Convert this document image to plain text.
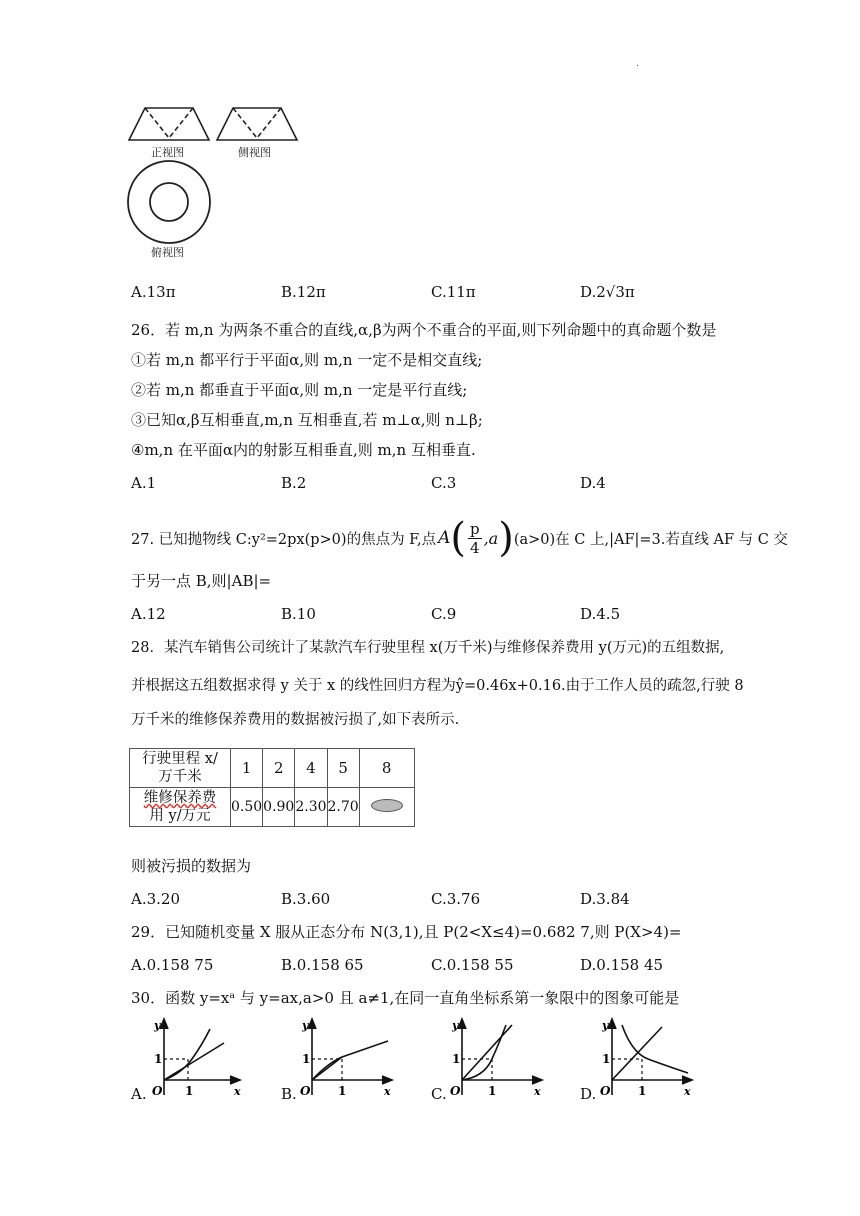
.
正视图	侧视图
俯视图
A.13π	B.12π	C.11π	D.2√3π
26．若 m,n 为两条不重合的直线,α,β为两个不重合的平面,则下列命题中的真命题个数是
①若 m,n 都平行于平面α,则 m,n 一定不是相交直线;
②若 m,n 都垂直于平面α,则 m,n 一定是平行直线;
③已知α,β互相垂直,m,n 互相垂直,若 m⊥α,则 n⊥β;
④m,n 在平面α内的射影互相垂直,则 m,n 互相垂直.
A.1	B.2	C.3	D.4
27. 已知抛物线 C:y²=2px(p>0)的焦点为 F,点 A ( $\frac{p}{4} ,a$ ) (a>0)在 C 上,|AF|=3.若直线 AF 与 C 交
于另一点 B,则|AB|=
A.12	B.10	C.9	D.4.5
28．某汽车销售公司统计了某款汽车行驶里程 x(万千米)与维修保养费用 y(万元)的五组数据,
并根据这五组数据求得 y 关于 x 的线性回归方程为ŷ=0.46x+0.16.由于工作人员的疏忽,行驶 8
万千米的维修保养费用的数据被污损了,如下表所示.
行驶里程 x/
万千米	1	2	4	5	8

维修保养费
用 y/万元	0.50	0.90	2.30	2.70	
则被污损的数据为
A.3.20	B.3.60	C.3.76	D.3.84
29．已知随机变量 X 服从正态分布 N(3,1),且 P(2<X≤4)=0.682 7,则 P(X>4)=
A.0.158 75	B.0.158 65	C.0.158 55	D.0.158 45
30．函数 y=xᵃ 与 y=ax,a>0 且 a≠1,在同一直角坐标系第一象限中的图象可能是
A.	B.	C.	D.
y
x
O
1
1
y
x
O
1
1
y
x
O
1
1
y
x
O
1
1
